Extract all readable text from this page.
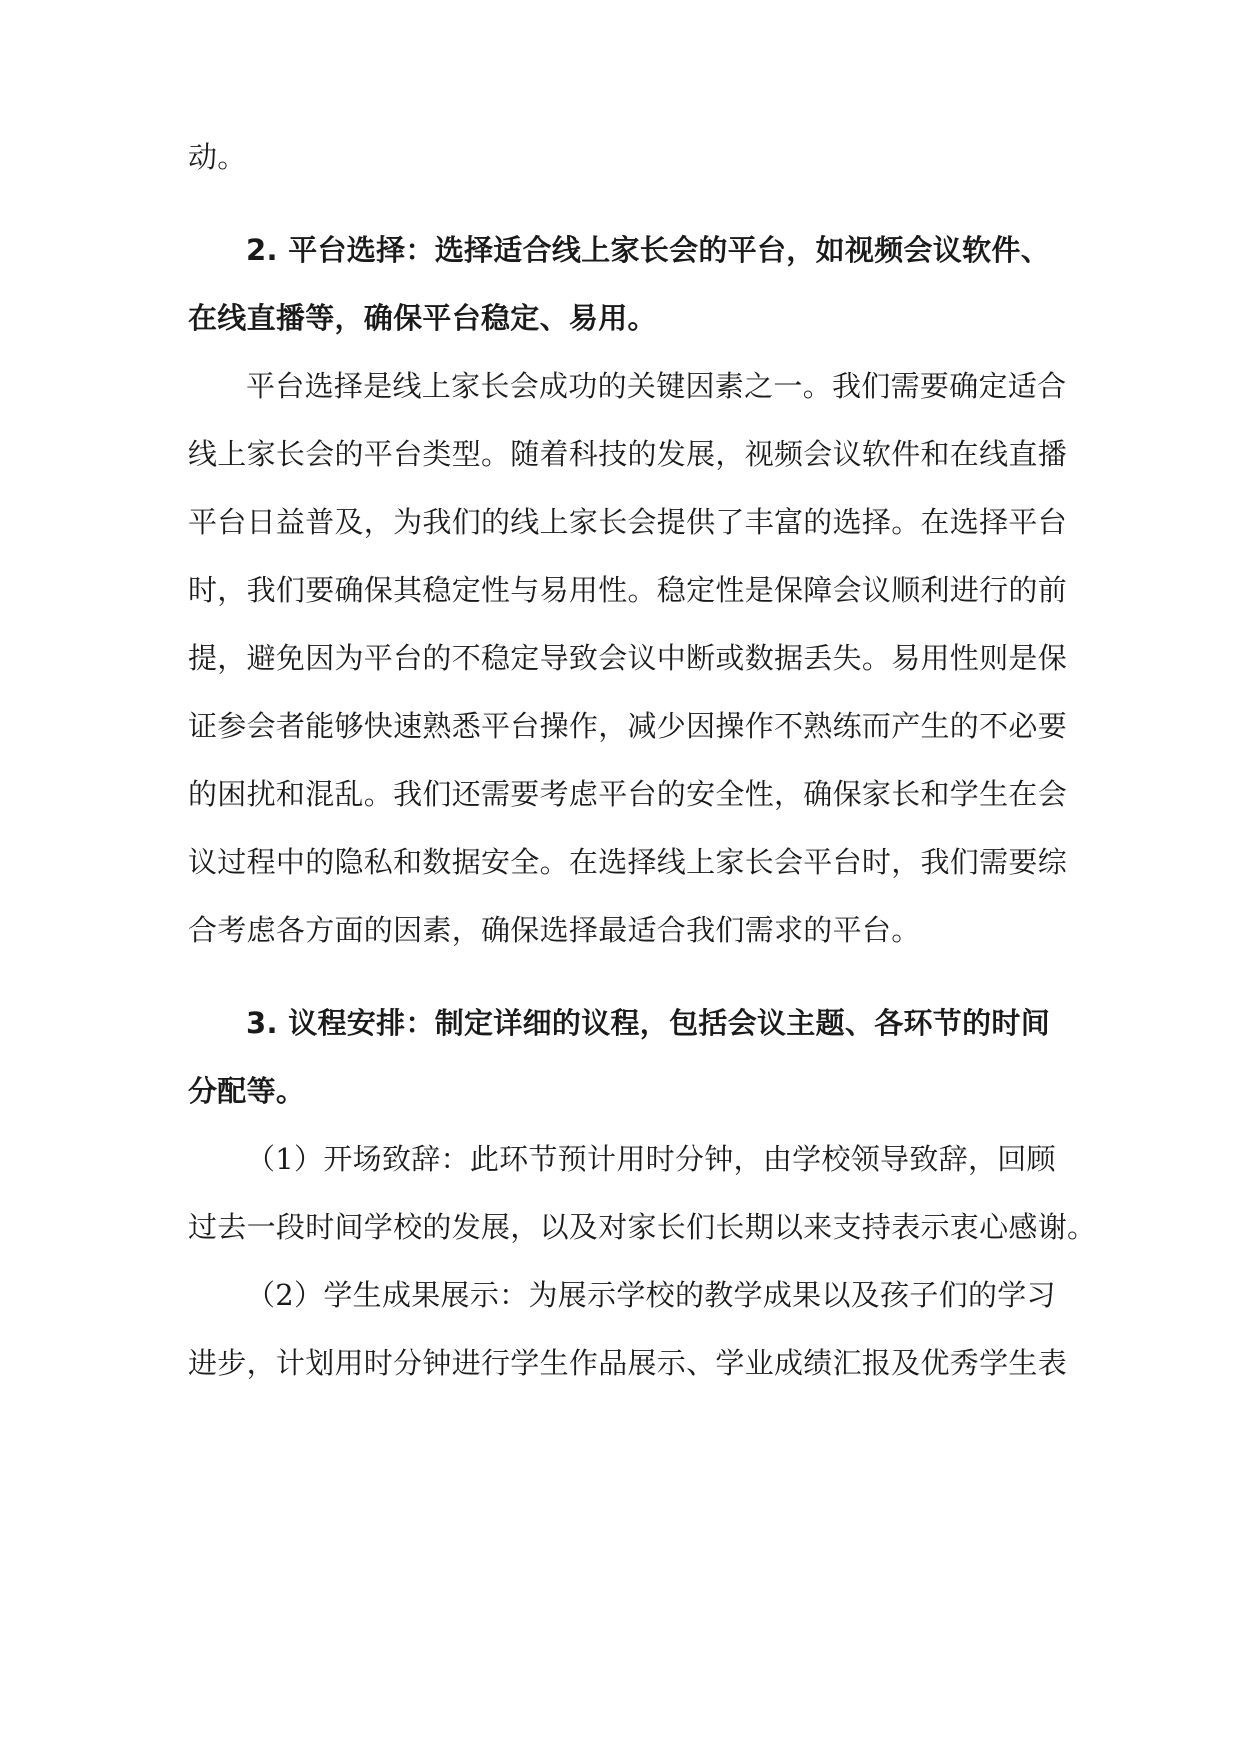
动。
2. 平台选择：选择适合线上家长会的平台，如视频会议软件、
在线直播等，确保平台稳定、易用。
平台选择是线上家长会成功的关键因素之一。我们需要确定适合
线上家长会的平台类型。随着科技的发展，视频会议软件和在线直播
平台日益普及，为我们的线上家长会提供了丰富的选择。在选择平台
时，我们要确保其稳定性与易用性。稳定性是保障会议顺利进行的前
提，避免因为平台的不稳定导致会议中断或数据丢失。易用性则是保
证参会者能够快速熟悉平台操作，减少因操作不熟练而产生的不必要
的困扰和混乱。我们还需要考虑平台的安全性，确保家长和学生在会
议过程中的隐私和数据安全。在选择线上家长会平台时，我们需要综
合考虑各方面的因素，确保选择最适合我们需求的平台。
3. 议程安排：制定详细的议程，包括会议主题、各环节的时间
分配等。
（1）开场致辞：此环节预计用时分钟，由学校领导致辞，回顾
过去一段时间学校的发展，以及对家长们长期以来支持表示衷心感谢。
（2）学生成果展示：为展示学校的教学成果以及孩子们的学习
进步，计划用时分钟进行学生作品展示、学业成绩汇报及优秀学生表
